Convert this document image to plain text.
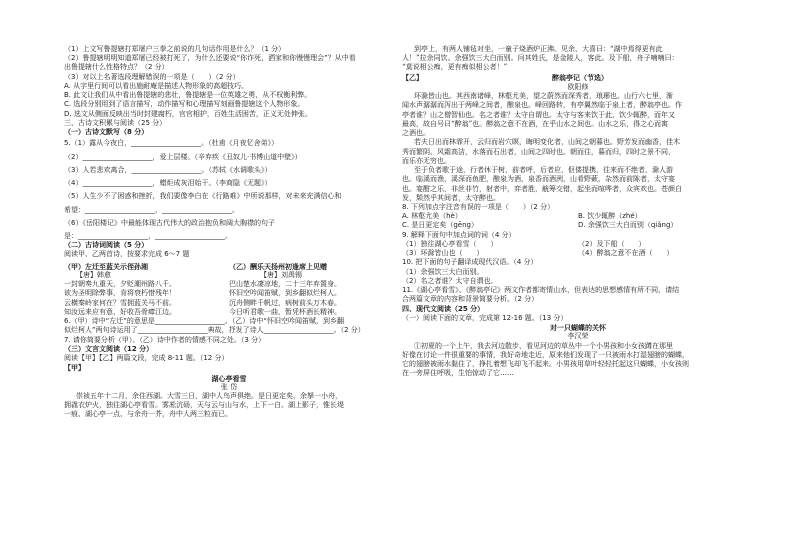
（1）上文写鲁提辖打郑屠户三拳之前说的几句话作用是什么？（1 分）
（2）鲁提辖明明知道郑屠已经被打死了，为什么还要说“你诈死，洒家和你慢慢理会”？从中看
出鲁提辖什么性格特点？（2 分）
（3）对以上名著选段理解错误的一项是（　　）（2 分）
A. 从字里行间可以看出施耐庵是描述人物形象的高超技巧。
B. 此文让我们从中看出鲁提辖的悲壮，鲁提辖是一位英雄之勇，从不权衡利弊。
C. 选段分别用到了语言描写，动作描写和心理描写刻画鲁提辖这个人物形象。
D. 选文从侧面反映出当时封建腐朽，官官相护，百姓生活困苦，正义无处伸张。
三、古诗文积累与阅读（25 分）
（一）古诗文默写（8 分）
5.（1）露从今夜白，____________________。（杜甫《月夜忆舍弟》）
（2）____________________，爱上层楼。（辛弃疾《丑奴儿·书博山道中壁》）
（3）人若悲欢离合，____________________。（苏轼《水调歌头》）
（4）____________________，蜡炬成灰泪始干。（李商隐《无题》）
（5）人生少不了困惑和挫折，我们要像李白在《行路难》中所说那样，对未来充满信心和
希望：____________________，____________________。
（6）《岳阳楼记》中最能体现古代伟大的政治抱负和阔大胸襟的句子
是：____________________，____________________。
（二）古诗词阅读（5 分）
阅读甲、乙两首诗，按要求完成 6～7 题
（甲）左迁至蓝关示侄孙湘	（乙）酬乐天扬州初逢席上见赠
【唐】韩愈	【唐】刘禹锡
一封朝奏九重天，夕贬潮州路八千。	巴山楚水凄凉地，二十三年弃置身。
欲为圣明除弊事，肯将衰朽惜残年！	怀旧空吟闻笛赋，到乡翻似烂柯人。
云横秦岭家何在？雪拥蓝关马不前。	沉舟侧畔千帆过，病树前头万木春。
知汝远来应有意，好收吾骨瘴江边。	今日听君歌一曲，暂凭杯酒长精神。
6.（甲）诗中“左迁”的意思是____________________。（乙）诗中“怀旧空吟闻笛赋，到乡翻
似烂柯人”两句诗运用了____________________典故，抒发了诗人____________________。（2 分）
7. 请你简要分析（甲）、（乙）诗中作者的情感不同之处。（3 分）
（三）文言文阅读（12 分）
阅读【甲】【乙】两篇文段，完成 8-11 题。（12 分）
【甲】
湖心亭看雪
张 岱
崇祯五年十二月，余住西湖。大雪三日，湖中人鸟声俱绝。是日更定矣，余拏一小舟，
拥毳衣炉火，独往湖心亭看雪。雾凇沆砀，天与云与山与水，上下一白。湖上影子，惟长堤
一痕、湖心亭一点、与余舟一芥，舟中人两三粒而已。
到亭上，有两人铺毡对坐，一童子烧酒炉正沸。见余，大喜曰：“湖中焉得更有此
人！”拉余同饮。余强饮三大白而别。问其姓氏，是金陵人，客此。及下船，舟子喃喃曰：
“莫说相公痴，更有痴似相公者！”
【乙】	醉翁亭记（节选）
欧阳修
环滁皆山也。其西南诸峰，林壑尤美，望之蔚然而深秀者，琅琊也。山行六七里，渐
闻水声潺潺而泻出于两峰之间者，酿泉也。峰回路转，有亭翼然临于泉上者，醉翁亭也。作
亭者谁？山之僧智仙也。名之者谁？太守自谓也。太守与客来饮于此，饮少辄醉，而年又
最高，故自号曰“醉翁”也。醉翁之意不在酒，在乎山水之间也。山水之乐，得之心而寓
之酒也。
若夫日出而林霏开，云归而岩穴暝，晦明变化者，山间之朝暮也。野芳发而幽香，佳木
秀而繁阴，风霜高洁，水落而石出者，山间之四时也。朝而往，暮而归，四时之景不同，
而乐亦无穷也。
至于负者歌于途，行者休于树，前者呼，后者应，伛偻提携，往来而不绝者，滁人游
也。临溪而渔，溪深而鱼肥，酿泉为酒，泉香而酒洌，山肴野蔌，杂然而前陈者，太守宴
也。宴酣之乐，非丝非竹，射者中，弈者胜，觥筹交错，起坐而喧哗者，众宾欢也。苍颜白
发，颓然乎其间者，太守醉也。
8. 下列加点字注音有误的一项是（　　）（2 分）
A. 林壑尤美（hè）	B. 饮少辄醉（zhé）
C. 是日更定矣（gēng）	D. 余强饮三大白而别（qiǎng）
9. 解释下面句中加点词的词（4 分）
（1）独往湖心亭看雪（　　）	（2）及下船（　　）
（3）环滁皆山也（　　）	（4）醉翁之意不在酒（　　）
10. 把下面的句子翻译成现代汉语。（4 分）
（1）余强饮三大白而别。
（2）名之者谁？太守自谓也。
11.《湖心亭看雪》、《醉翁亭记》两文作者都寄情山水，但表达的思想感情有所不同，请结
合两篇文章的内容和背景简要分析。（2 分）
四、现代文阅读（25 分）
（一）阅读下面的文章，完成第 12-16 题。（13 分）
对一只蝴蝶的关怀
李汉荣
①初夏的一个上午，我去河边散步，看见河边的草丛中一个小男孩和小女孩蹲在那里
好像在讨论一件很重要的事情，我好奇地走近，原来他们发现了一只被雨水打湿翅膀的蝴蝶，
它的翅膀被雨水黏住了，挣扎着想飞却飞不起来。小男孩用草叶轻轻托起这只蝴蝶，小女孩则
在一旁屏住呼吸，生怕惊动了它……
